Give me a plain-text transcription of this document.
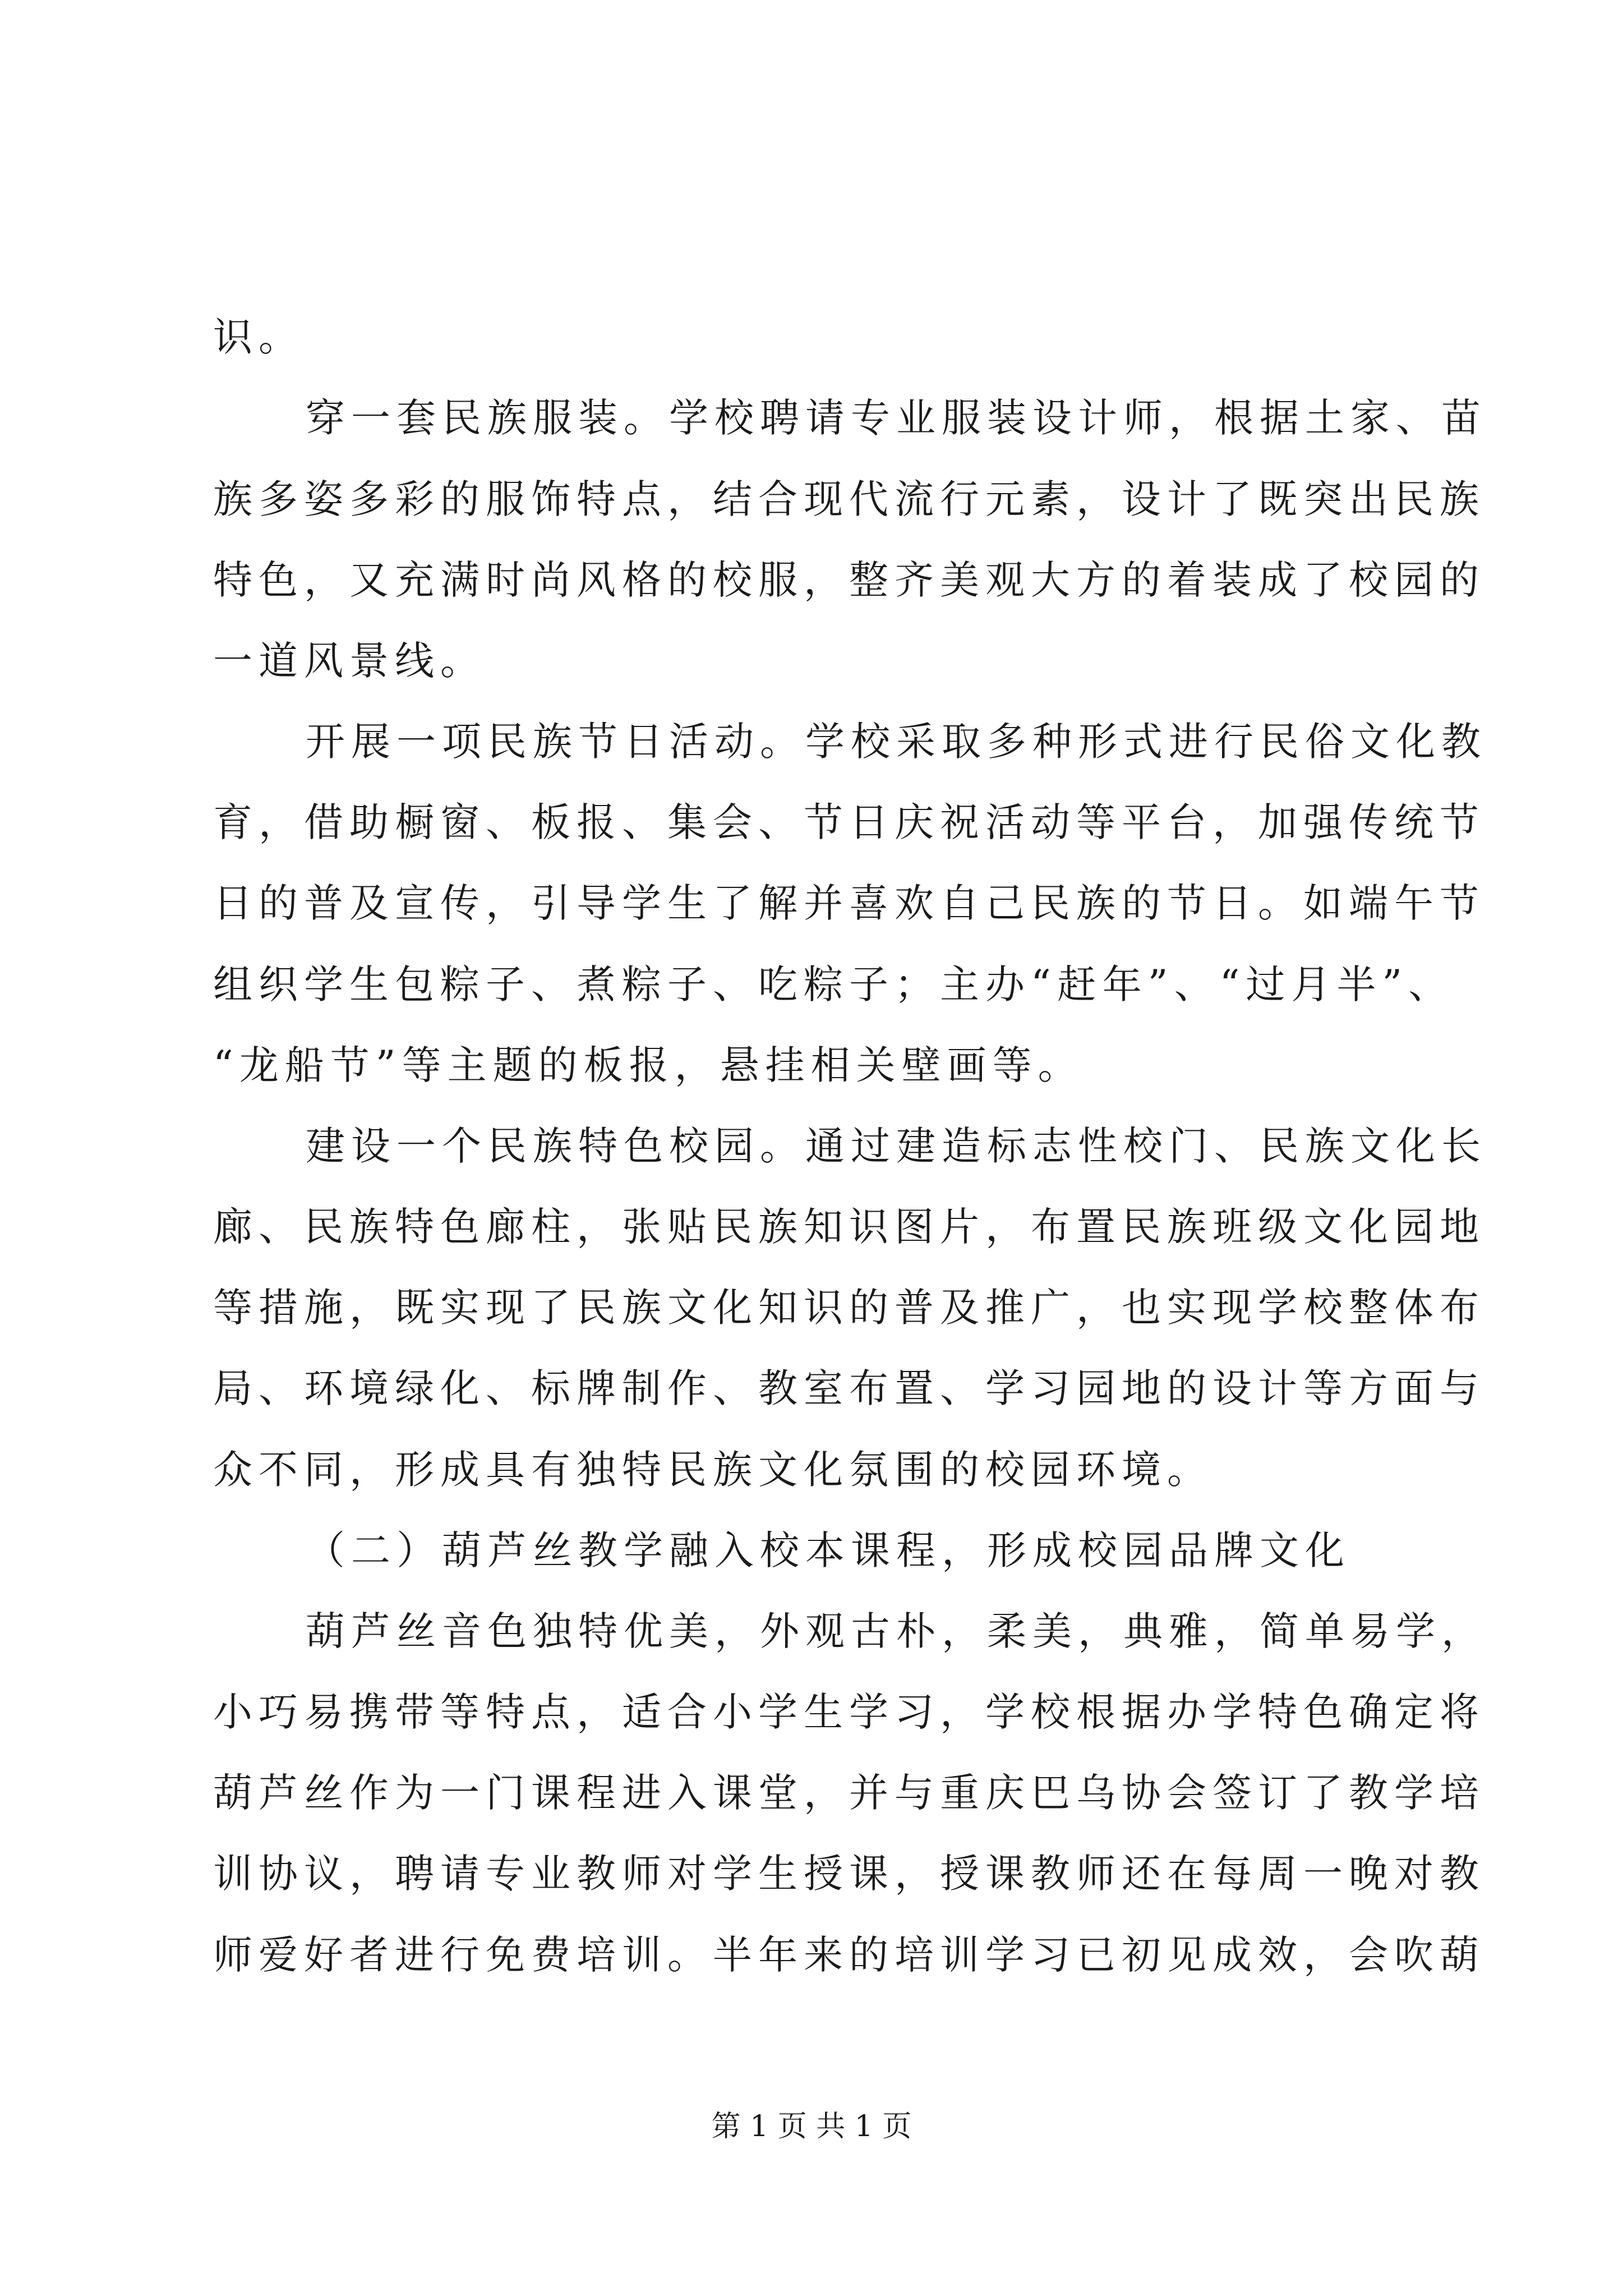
识。
穿一套民族服装。学校聘请专业服装设计师，根据土家、苗
族多姿多彩的服饰特点，结合现代流行元素，设计了既突出民族
特色，又充满时尚风格的校服，整齐美观大方的着装成了校园的
一道风景线。
开展一项民族节日活动。学校采取多种形式进行民俗文化教
育，借助橱窗、板报、集会、节日庆祝活动等平台，加强传统节
日的普及宣传，引导学生了解并喜欢自己民族的节日。如端午节
组织学生包粽子、煮粽子、吃粽子；主办“赶年”、“过月半”、
“龙船节”等主题的板报，悬挂相关壁画等。
建设一个民族特色校园。通过建造标志性校门、民族文化长
廊、民族特色廊柱，张贴民族知识图片，布置民族班级文化园地
等措施，既实现了民族文化知识的普及推广，也实现学校整体布
局、环境绿化、标牌制作、教室布置、学习园地的设计等方面与
众不同，形成具有独特民族文化氛围的校园环境。
（二）葫芦丝教学融入校本课程，形成校园品牌文化
葫芦丝音色独特优美，外观古朴，柔美，典雅，简单易学，
小巧易携带等特点，适合小学生学习，学校根据办学特色确定将
葫芦丝作为一门课程进入课堂，并与重庆巴乌协会签订了教学培
训协议，聘请专业教师对学生授课，授课教师还在每周一晚对教
师爱好者进行免费培训。半年来的培训学习已初见成效，会吹葫
第 1 页 共 1 页
